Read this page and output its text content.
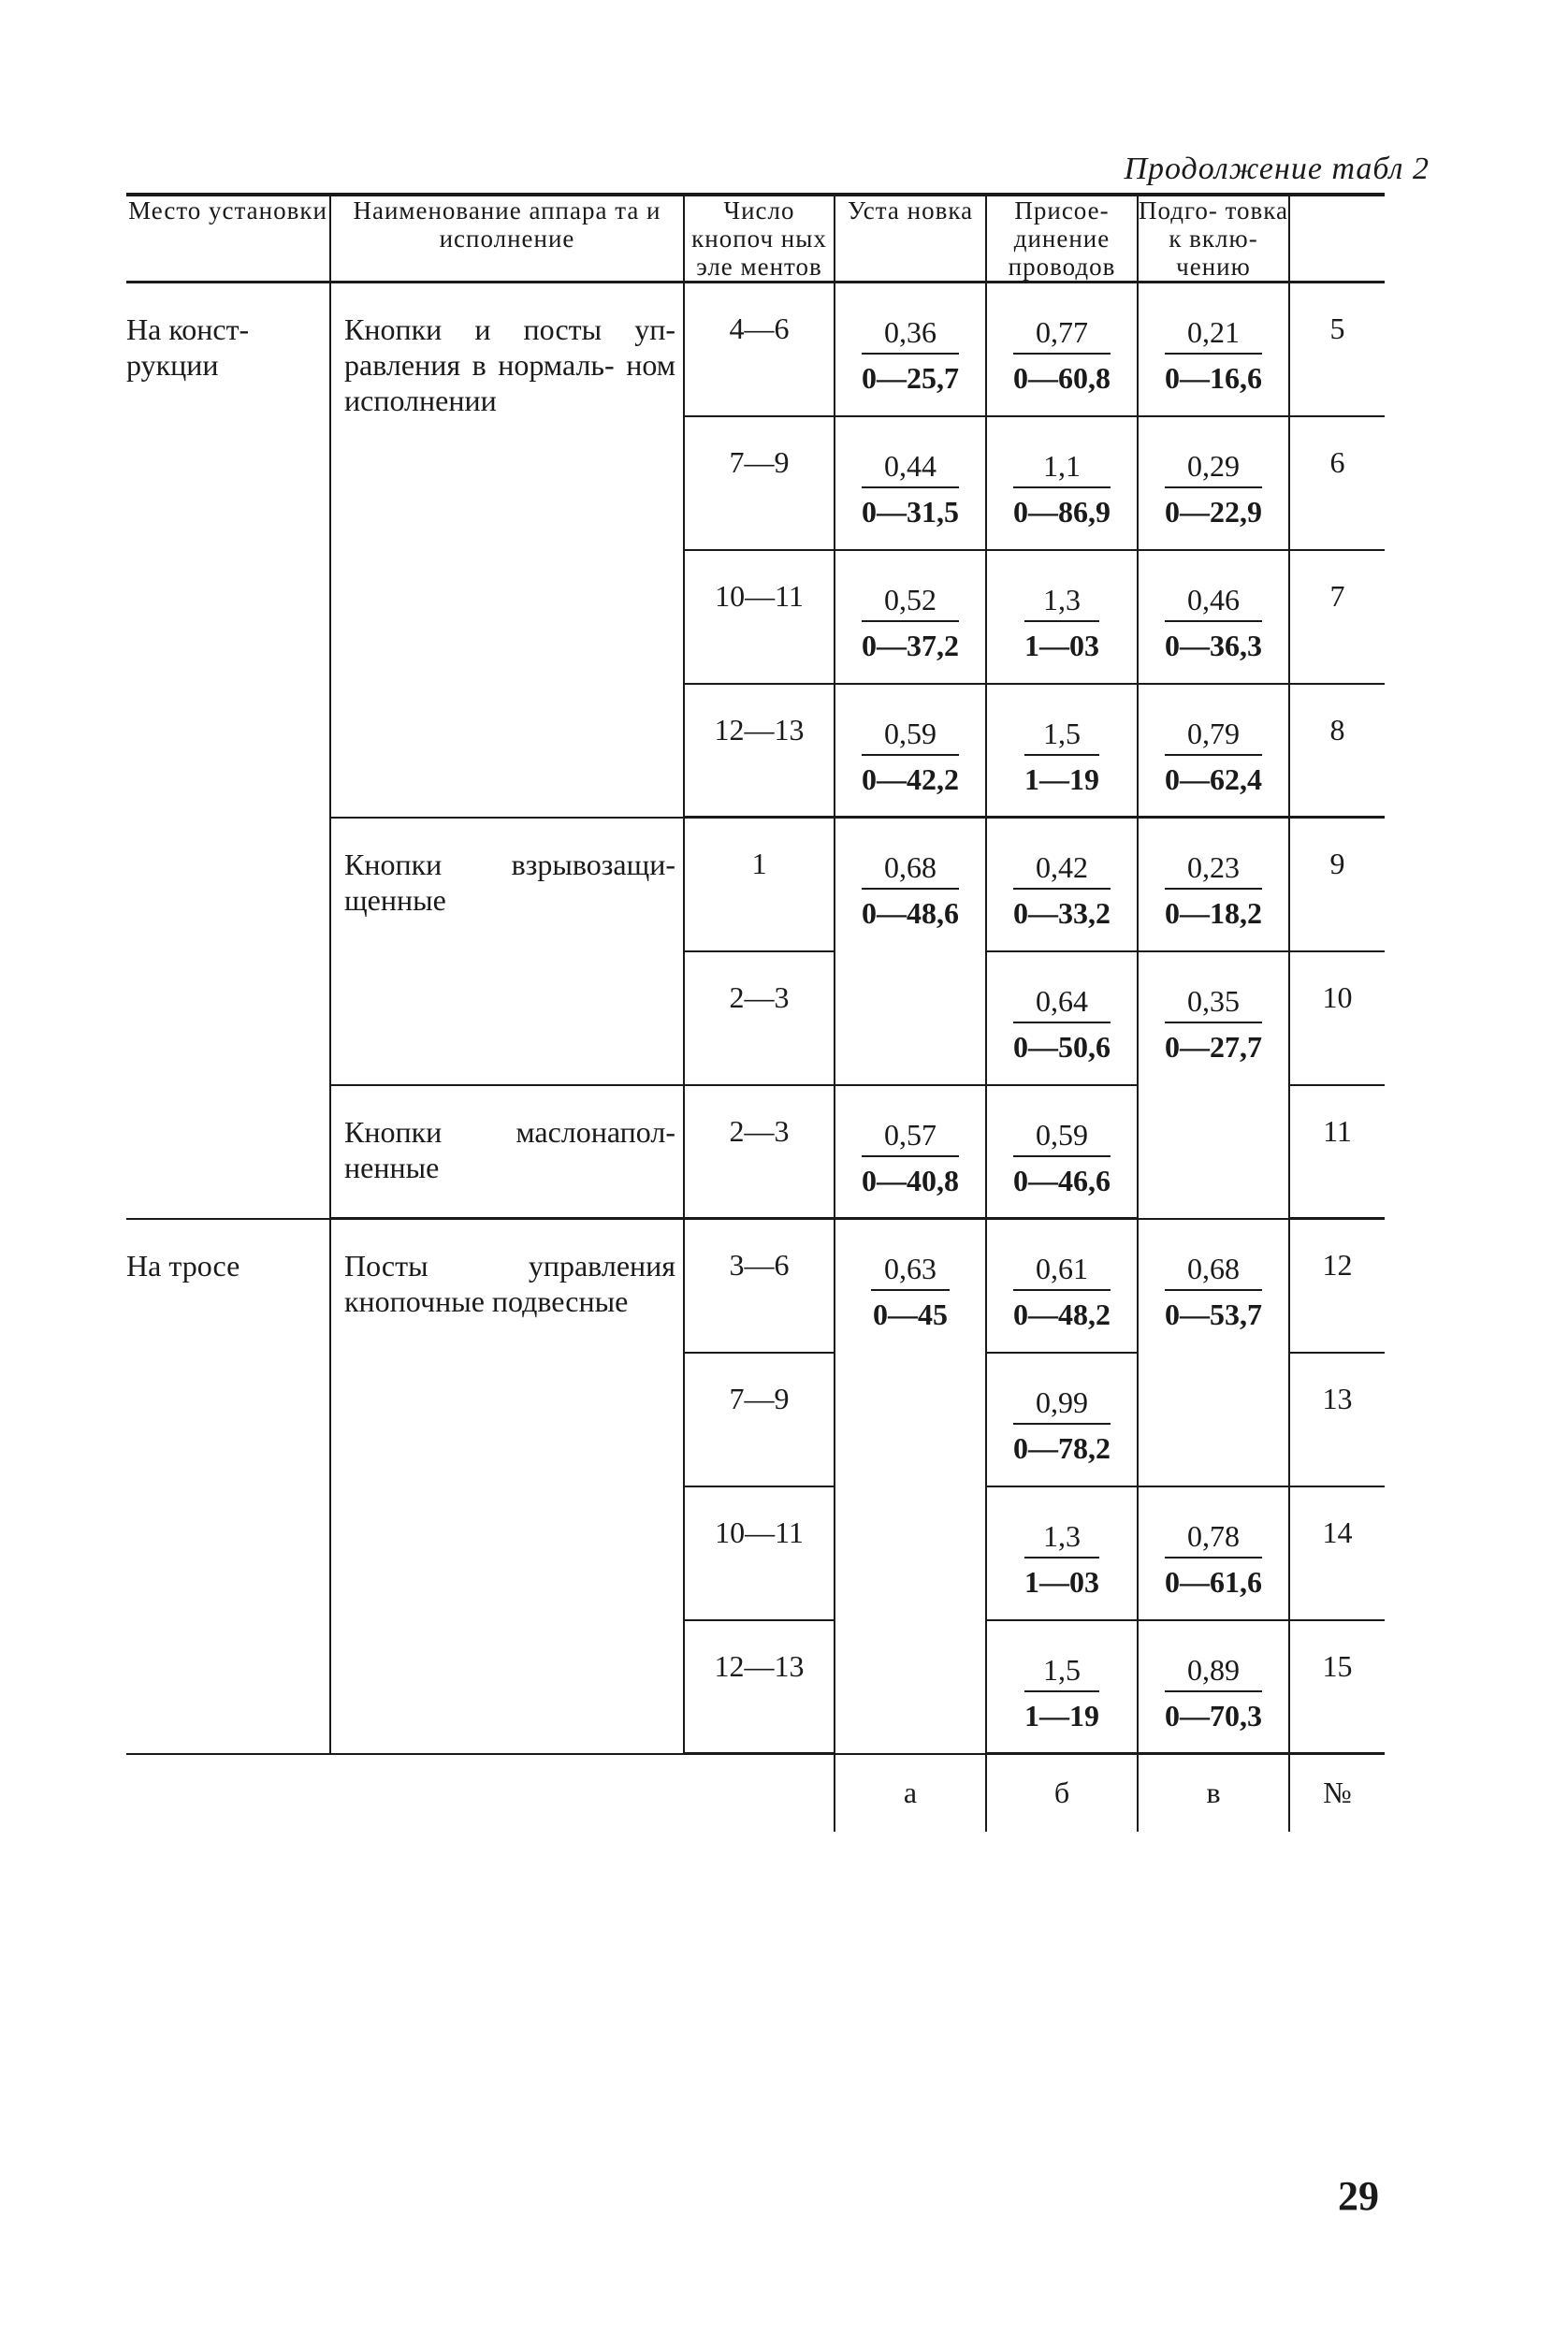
Продолжение табл 2
Место установки	Наименование аппара та и исполнение	Число кнопоч ных эле ментов	Уста новка	Присое- динение проводов	Подго- товка к вклю- чению	
На конст- рукции	Кнопки и посты уп- равления в нормаль- ном исполнении	4—6	$\frac{0,36}{0—25,7}$	$\frac{0,77}{0—60,8}$	$\frac{0,21}{0—16,6}$	5
		7—9	$\frac{0,44}{0—31,5}$	$\frac{1,1}{0—86,9}$	$\frac{0,29}{0—22,9}$	6
		10—11	$\frac{0,52}{0—37,2}$	$\frac{1,3}{1—03}$	$\frac{0,46}{0—36,3}$	7
		12—13	$\frac{0,59}{0—42,2}$	$\frac{1,5}{1—19}$	$\frac{0,79}{0—62,4}$	8
	Кнопки взрывозащи- щенные	1	$\frac{0,68}{0—48,6}$	$\frac{0,42}{0—33,2}$	$\frac{0,23}{0—18,2}$	9
		2—3		$\frac{0,64}{0—50,6}$	$\frac{0,35}{0—27,7}$	10
	Кнопки маслонапол- ненные	2—3	$\frac{0,57}{0—40,8}$	$\frac{0,59}{0—46,6}$		11
На тросе	Посты управления кнопочные подвесные	3—6	$\frac{0,63}{0—45}$	$\frac{0,61}{0—48,2}$	$\frac{0,68}{0—53,7}$	12
		7—9		$\frac{0,99}{0—78,2}$		13
		10—11		$\frac{1,3}{1—03}$	$\frac{0,78}{0—61,6}$	14
		12—13		$\frac{1,5}{1—19}$	$\frac{0,89}{0—70,3}$	15
			а	б	в	№
29
